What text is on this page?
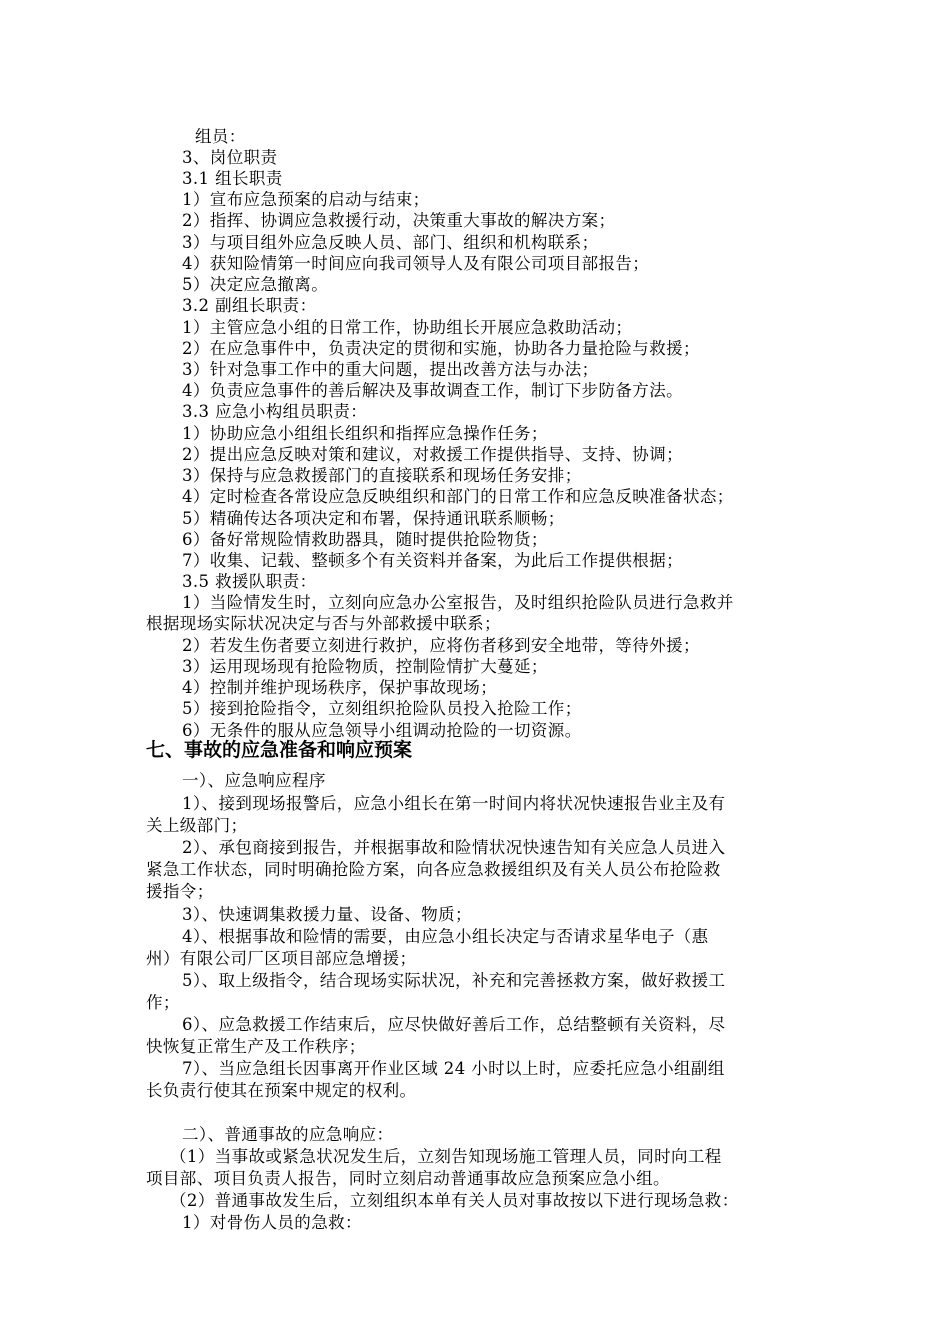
组员：
3、岗位职责
3.1 组长职责
1）宣布应急预案的启动与结束；
2）指挥、协调应急救援行动，决策重大事故的解决方案；
3）与项目组外应急反映人员、部门、组织和机构联系；
4）获知险情第一时间应向我司领导人及有限公司项目部报告；
5）决定应急撤离。
3.2 副组长职责：
1）主管应急小组的日常工作，协助组长开展应急救助活动；
2）在应急事件中，负责决定的贯彻和实施，协助各力量抢险与救援；
3）针对急事工作中的重大问题，提出改善方法与办法；
4）负责应急事件的善后解决及事故调查工作，制订下步防备方法。
3.3 应急小构组员职责：
1）协助应急小组组长组织和指挥应急操作任务；
2）提出应急反映对策和建议，对救援工作提供指导、支持、协调；
3）保持与应急救援部门的直接联系和现场任务安排；
4）定时检查各常设应急反映组织和部门的日常工作和应急反映准备状态；
5）精确传达各项决定和布署，保持通讯联系顺畅；
6）备好常规险情救助器具，随时提供抢险物货；
7）收集、记载、整顿多个有关资料并备案，为此后工作提供根据；
3.5 救援队职责：
1）当险情发生时，立刻向应急办公室报告，及时组织抢险队员进行急救并
根据现场实际状况决定与否与外部救援中联系；
2）若发生伤者要立刻进行救护，应将伤者移到安全地带，等待外援；
3）运用现场现有抢险物质，控制险情扩大蔓延；
4）控制并维护现场秩序，保护事故现场；
5）接到抢险指令，立刻组织抢险队员投入抢险工作；
6）无条件的服从应急领导小组调动抢险的一切资源。
七、事故的应急准备和响应预案
一）、应急响应程序
1）、接到现场报警后，应急小组长在第一时间内将状况快速报告业主及有
关上级部门；
2）、承包商接到报告，并根据事故和险情状况快速告知有关应急人员进入
紧急工作状态，同时明确抢险方案，向各应急救援组织及有关人员公布抢险救
援指令；
3）、快速调集救援力量、设备、物质；
4）、根据事故和险情的需要，由应急小组长决定与否请求星华电子（惠
州）有限公司厂区项目部应急增援；
5）、取上级指令，结合现场实际状况，补充和完善拯救方案，做好救援工
作；
6）、应急救援工作结束后，应尽快做好善后工作，总结整顿有关资料，尽
快恢复正常生产及工作秩序；
7）、当应急组长因事离开作业区域 24 小时以上时，应委托应急小组副组
长负责行使其在预案中规定的权利。
二）、普通事故的应急响应：
（1）当事故或紧急状况发生后，立刻告知现场施工管理人员，同时向工程
项目部、项目负责人报告，同时立刻启动普通事故应急预案应急小组。
（2）普通事故发生后，立刻组织本单有关人员对事故按以下进行现场急救：
1）对骨伤人员的急救：
